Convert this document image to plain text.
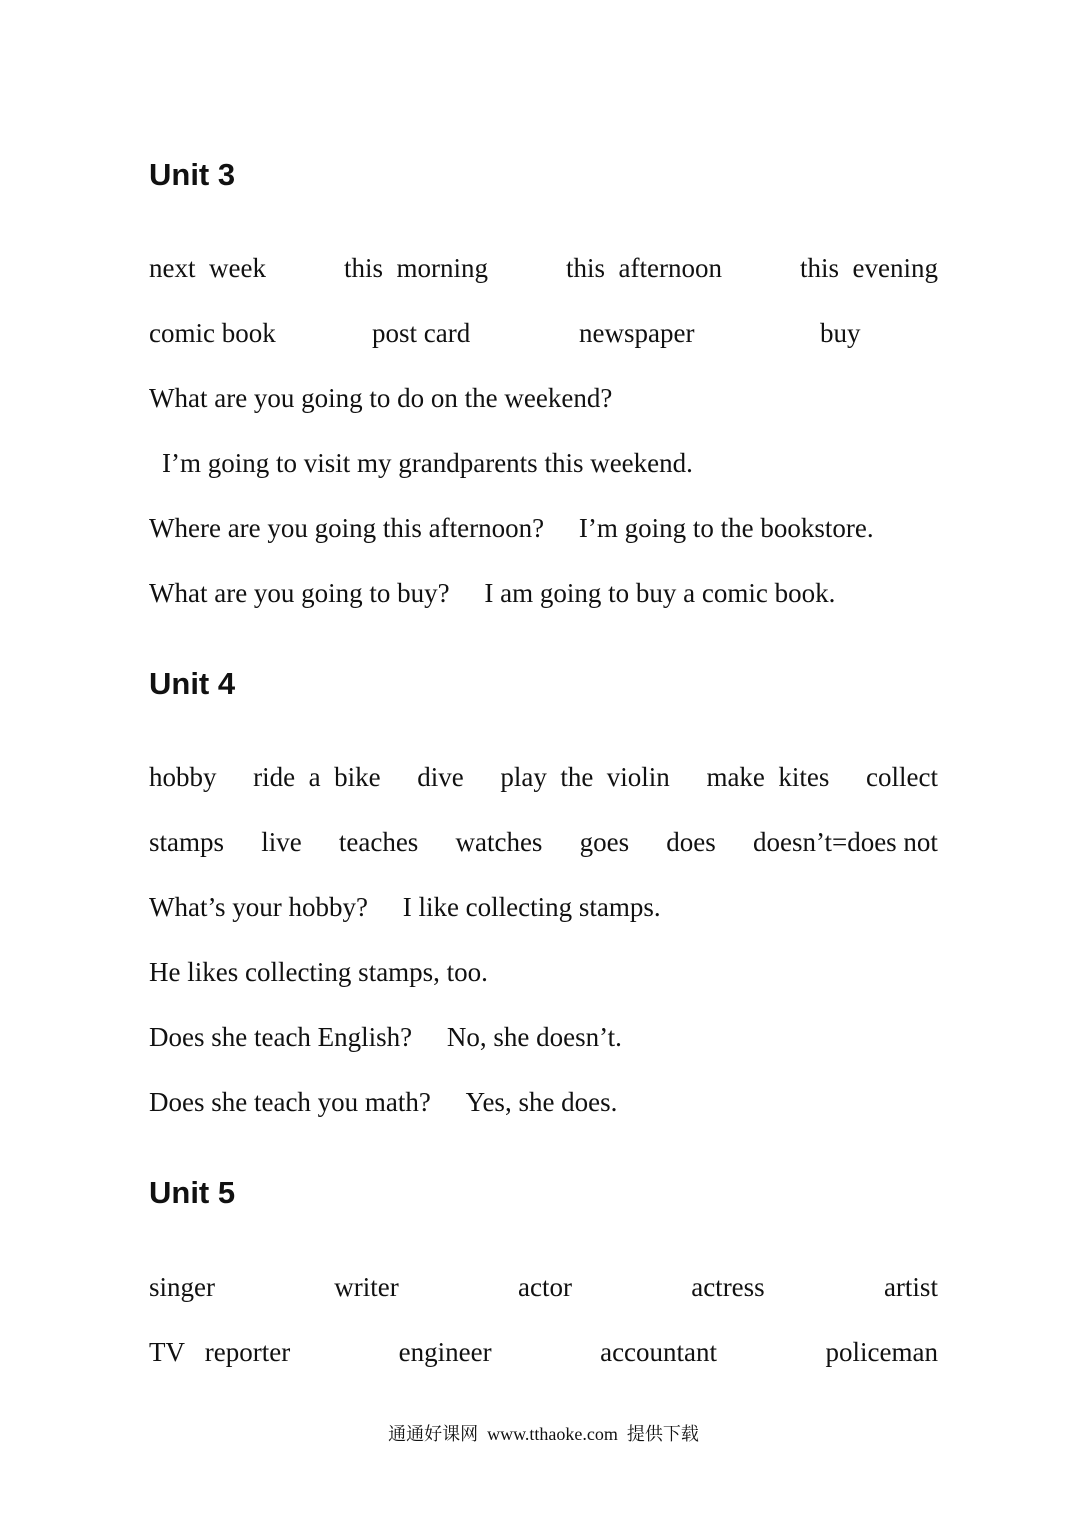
Unit 3
next  week	this  morning	this  afternoon	this  evening
comic book	post card	newspaper	buy
What are you going to do on the weekend?
I’m going to visit my grandparents this weekend.
Where are you going this afternoon? I’m going to the bookstore.
What are you going to buy? I am going to buy a comic book.
Unit 4
hobby ride  a  bike dive play  the  violin make  kites collect
stamps live teaches watches goes does doesn’t=does not
What’s your hobby? I like collecting stamps.
He likes collecting stamps, too.
Does she teach English? No, she doesn’t.
Does she teach you math? Yes, she does.
Unit 5
singer	writer	actor	actress	artist
TV   reporter	engineer	accountant	policeman
通通好课网  www.tthaoke.com  提供下载
